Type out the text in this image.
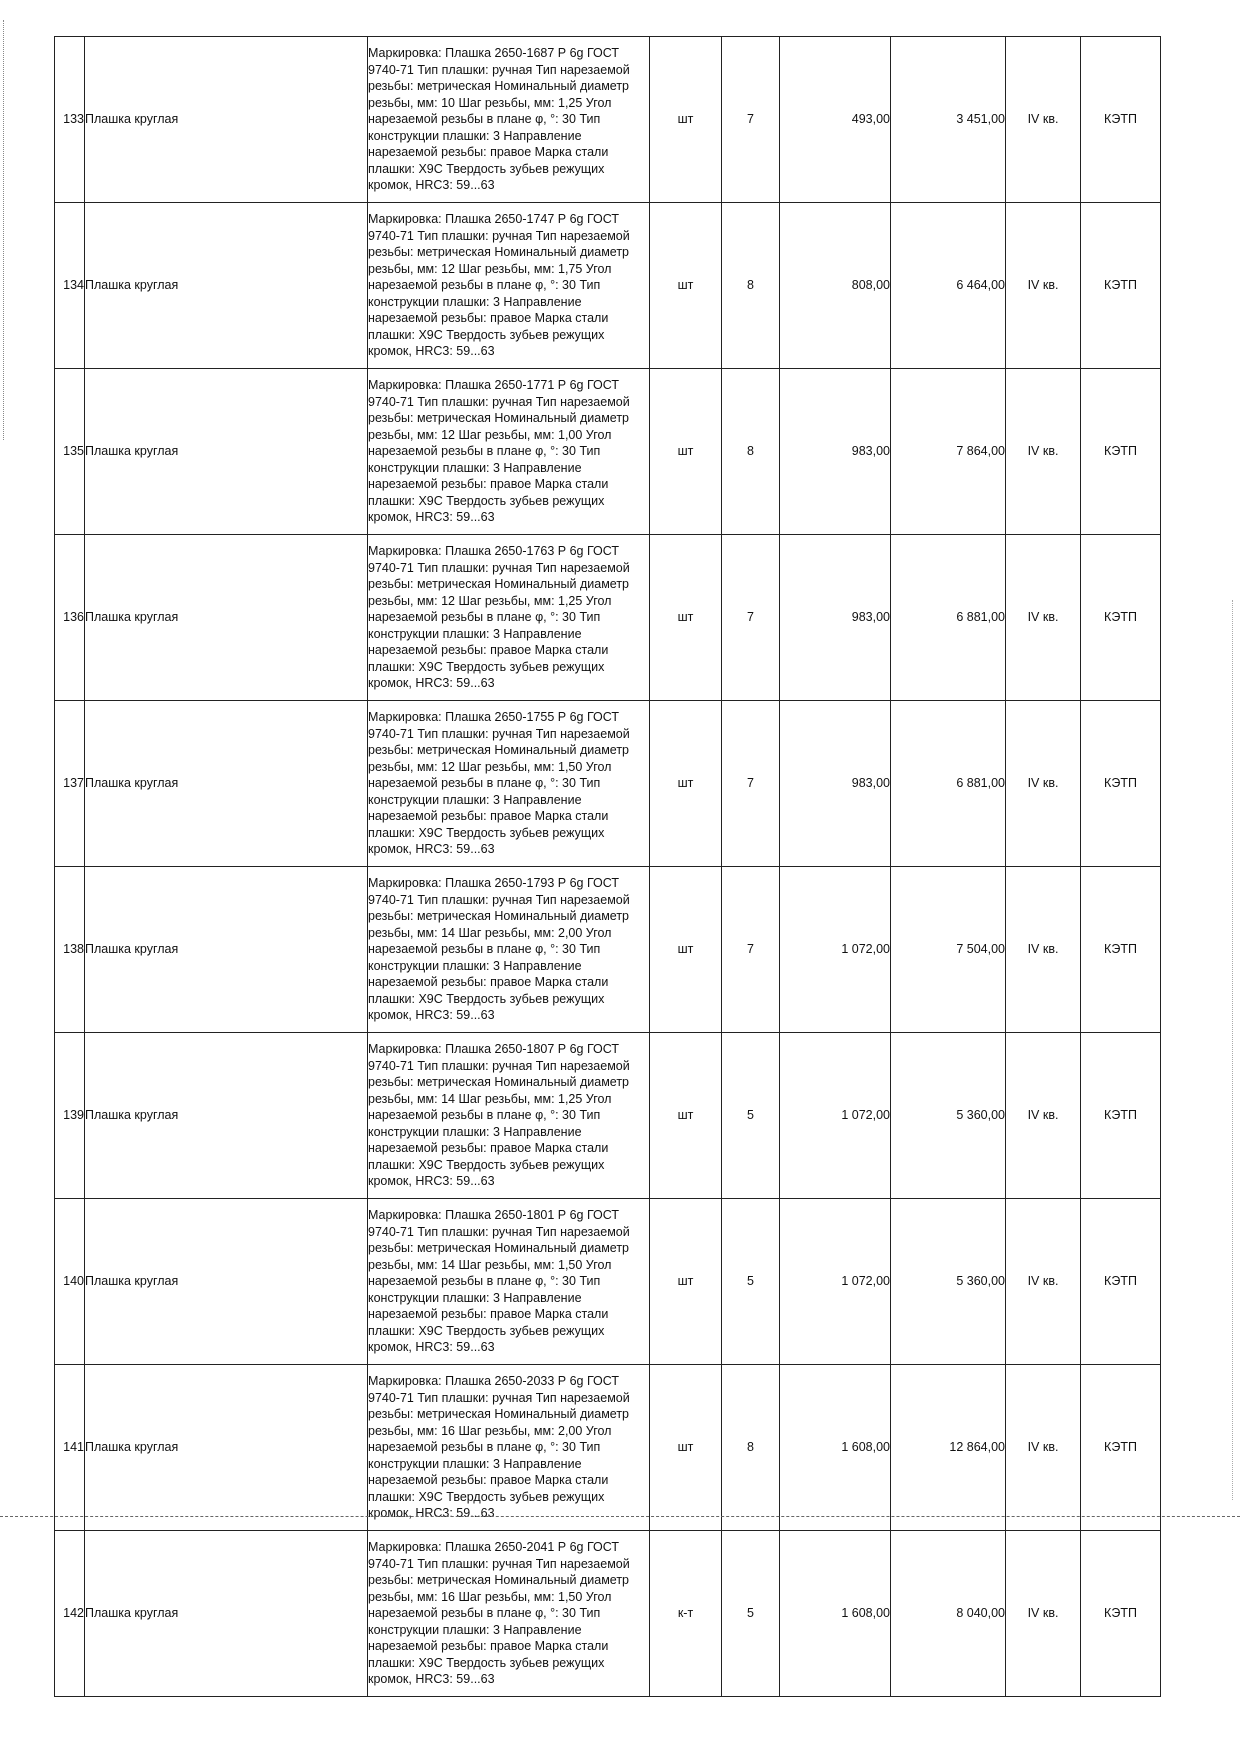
133	Плашка круглая	Маркировка: Плашка 2650-1687 Р 6g ГОСТ 9740-71 Тип плашки: ручная Тип нарезаемой резьбы: метрическая Номинальный диаметр резьбы, мм: 10 Шаг резьбы, мм: 1,25 Угол нарезаемой резьбы в плане φ, °: 30 Тип конструкции плашки: 3 Направление нарезаемой резьбы: правое Марка стали плашки: Х9С Твердость зубьев режущих кромок, HRC3: 59...63	шт	7	493,00	3 451,00	IV кв.	КЭТП
134	Плашка круглая	Маркировка: Плашка 2650-1747 Р 6g ГОСТ 9740-71 Тип плашки: ручная Тип нарезаемой резьбы: метрическая Номинальный диаметр резьбы, мм: 12 Шаг резьбы, мм: 1,75 Угол нарезаемой резьбы в плане φ, °: 30 Тип конструкции плашки: 3 Направление нарезаемой резьбы: правое Марка стали плашки: Х9С Твердость зубьев режущих кромок, HRC3: 59...63	шт	8	808,00	6 464,00	IV кв.	КЭТП
135	Плашка круглая	Маркировка: Плашка 2650-1771 Р 6g ГОСТ 9740-71 Тип плашки: ручная Тип нарезаемой резьбы: метрическая Номинальный диаметр резьбы, мм: 12 Шаг резьбы, мм: 1,00 Угол нарезаемой резьбы в плане φ, °: 30 Тип конструкции плашки: 3 Направление нарезаемой резьбы: правое Марка стали плашки: Х9С Твердость зубьев режущих кромок, HRC3: 59...63	шт	8	983,00	7 864,00	IV кв.	КЭТП
136	Плашка круглая	Маркировка: Плашка 2650-1763 Р 6g ГОСТ 9740-71 Тип плашки: ручная Тип нарезаемой резьбы: метрическая Номинальный диаметр резьбы, мм: 12 Шаг резьбы, мм: 1,25 Угол нарезаемой резьбы в плане φ, °: 30 Тип конструкции плашки: 3 Направление нарезаемой резьбы: правое Марка стали плашки: Х9С Твердость зубьев режущих кромок, HRC3: 59...63	шт	7	983,00	6 881,00	IV кв.	КЭТП
137	Плашка круглая	Маркировка: Плашка 2650-1755 Р 6g ГОСТ 9740-71 Тип плашки: ручная Тип нарезаемой резьбы: метрическая Номинальный диаметр резьбы, мм: 12 Шаг резьбы, мм: 1,50 Угол нарезаемой резьбы в плане φ, °: 30 Тип конструкции плашки: 3 Направление нарезаемой резьбы: правое Марка стали плашки: Х9С Твердость зубьев режущих кромок, HRC3: 59...63	шт	7	983,00	6 881,00	IV кв.	КЭТП
138	Плашка круглая	Маркировка: Плашка 2650-1793 Р 6g ГОСТ 9740-71 Тип плашки: ручная Тип нарезаемой резьбы: метрическая Номинальный диаметр резьбы, мм: 14 Шаг резьбы, мм: 2,00 Угол нарезаемой резьбы в плане φ, °: 30 Тип конструкции плашки: 3 Направление нарезаемой резьбы: правое Марка стали плашки: Х9С Твердость зубьев режущих кромок, HRC3: 59...63	шт	7	1 072,00	7 504,00	IV кв.	КЭТП
139	Плашка круглая	Маркировка: Плашка 2650-1807 Р 6g ГОСТ 9740-71 Тип плашки: ручная Тип нарезаемой резьбы: метрическая Номинальный диаметр резьбы, мм: 14 Шаг резьбы, мм: 1,25 Угол нарезаемой резьбы в плане φ, °: 30 Тип конструкции плашки: 3 Направление нарезаемой резьбы: правое Марка стали плашки: Х9С Твердость зубьев режущих кромок, HRC3: 59...63	шт	5	1 072,00	5 360,00	IV кв.	КЭТП
140	Плашка круглая	Маркировка: Плашка 2650-1801 Р 6g ГОСТ 9740-71 Тип плашки: ручная Тип нарезаемой резьбы: метрическая Номинальный диаметр резьбы, мм: 14 Шаг резьбы, мм: 1,50 Угол нарезаемой резьбы в плане φ, °: 30 Тип конструкции плашки: 3 Направление нарезаемой резьбы: правое Марка стали плашки: Х9С Твердость зубьев режущих кромок, HRC3: 59...63	шт	5	1 072,00	5 360,00	IV кв.	КЭТП
141	Плашка круглая	Маркировка: Плашка 2650-2033 Р 6g ГОСТ 9740-71 Тип плашки: ручная Тип нарезаемой резьбы: метрическая Номинальный диаметр резьбы, мм: 16 Шаг резьбы, мм: 2,00 Угол нарезаемой резьбы в плане φ, °: 30 Тип конструкции плашки: 3 Направление нарезаемой резьбы: правое Марка стали плашки: Х9С Твердость зубьев режущих кромок, HRC3: 59...63	шт	8	1 608,00	12 864,00	IV кв.	КЭТП
142	Плашка круглая	Маркировка: Плашка 2650-2041 Р 6g ГОСТ 9740-71 Тип плашки: ручная Тип нарезаемой резьбы: метрическая Номинальный диаметр резьбы, мм: 16 Шаг резьбы, мм: 1,50 Угол нарезаемой резьбы в плане φ, °: 30 Тип конструкции плашки: 3 Направление нарезаемой резьбы: правое Марка стали плашки: Х9С Твердость зубьев режущих кромок, HRC3: 59...63	к-т	5	1 608,00	8 040,00	IV кв.	КЭТП
